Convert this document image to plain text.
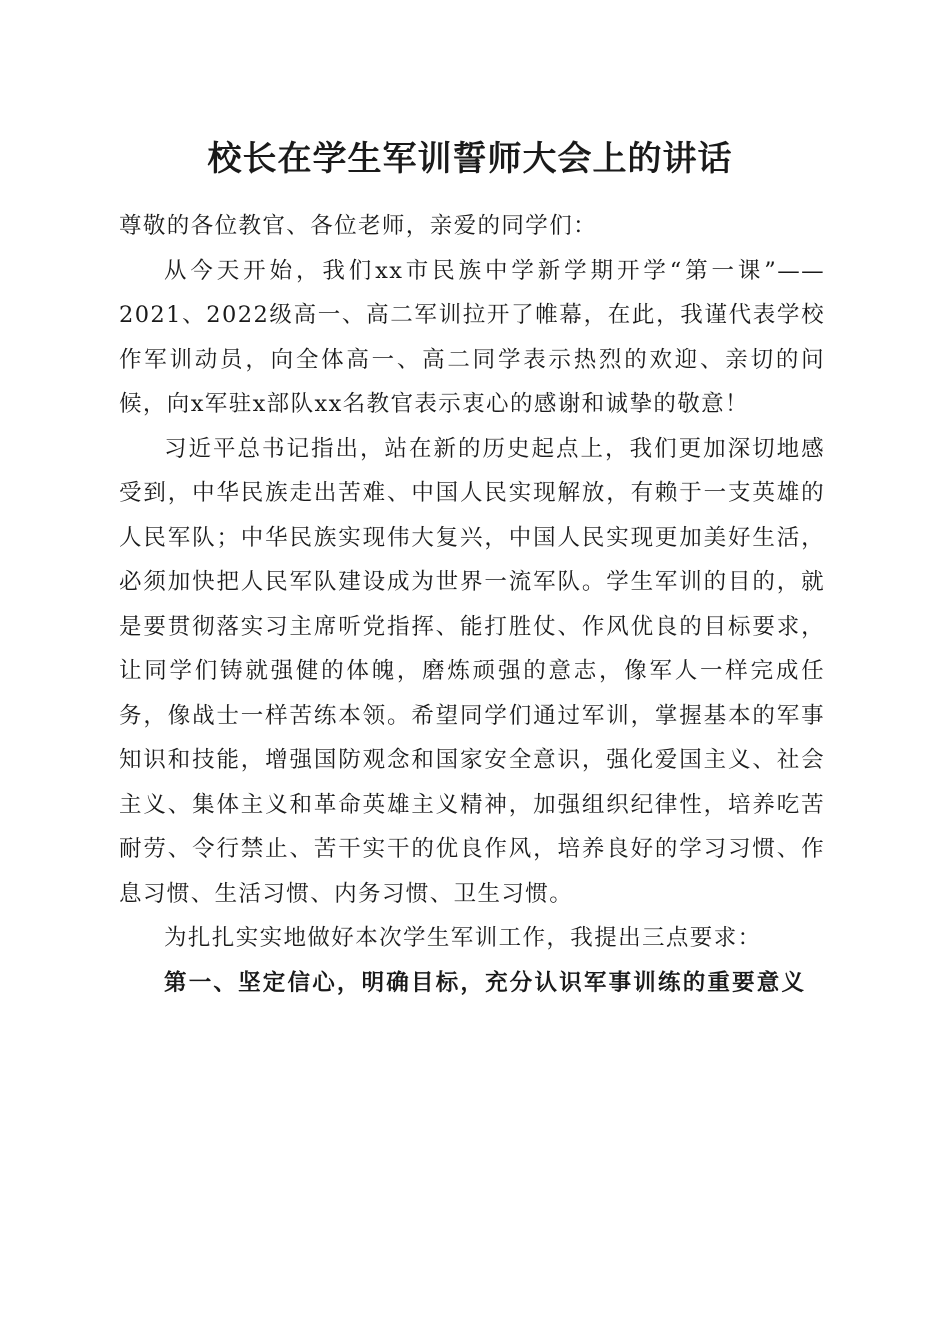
校长在学生军训誓师大会上的讲话

尊敬的各位教官、各位老师，亲爱的同学们：

从今天开始，我们xx市民族中学新学期开学“第一课”——2021、2022级高一、高二军训拉开了帷幕，在此，我谨代表学校作军训动员，向全体高一、高二同学表示热烈的欢迎、亲切的问候，向x军驻x部队xx名教官表示衷心的感谢和诚挚的敬意！

习近平总书记指出，站在新的历史起点上，我们更加深切地感受到，中华民族走出苦难、中国人民实现解放，有赖于一支英雄的人民军队；中华民族实现伟大复兴，中国人民实现更加美好生活，必须加快把人民军队建设成为世界一流军队。学生军训的目的，就是要贯彻落实习主席听党指挥、能打胜仗、作风优良的目标要求，让同学们铸就强健的体魄，磨炼顽强的意志，像军人一样完成任务，像战士一样苦练本领。希望同学们通过军训，掌握基本的军事知识和技能，增强国防观念和国家安全意识，强化爱国主义、社会主义、集体主义和革命英雄主义精神，加强组织纪律性，培养吃苦耐劳、令行禁止、苦干实干的优良作风，培养良好的学习习惯、作息习惯、生活习惯、内务习惯、卫生习惯。

为扎扎实实地做好本次学生军训工作，我提出三点要求：

第一、坚定信心，明确目标，充分认识军事训练的重要意义
